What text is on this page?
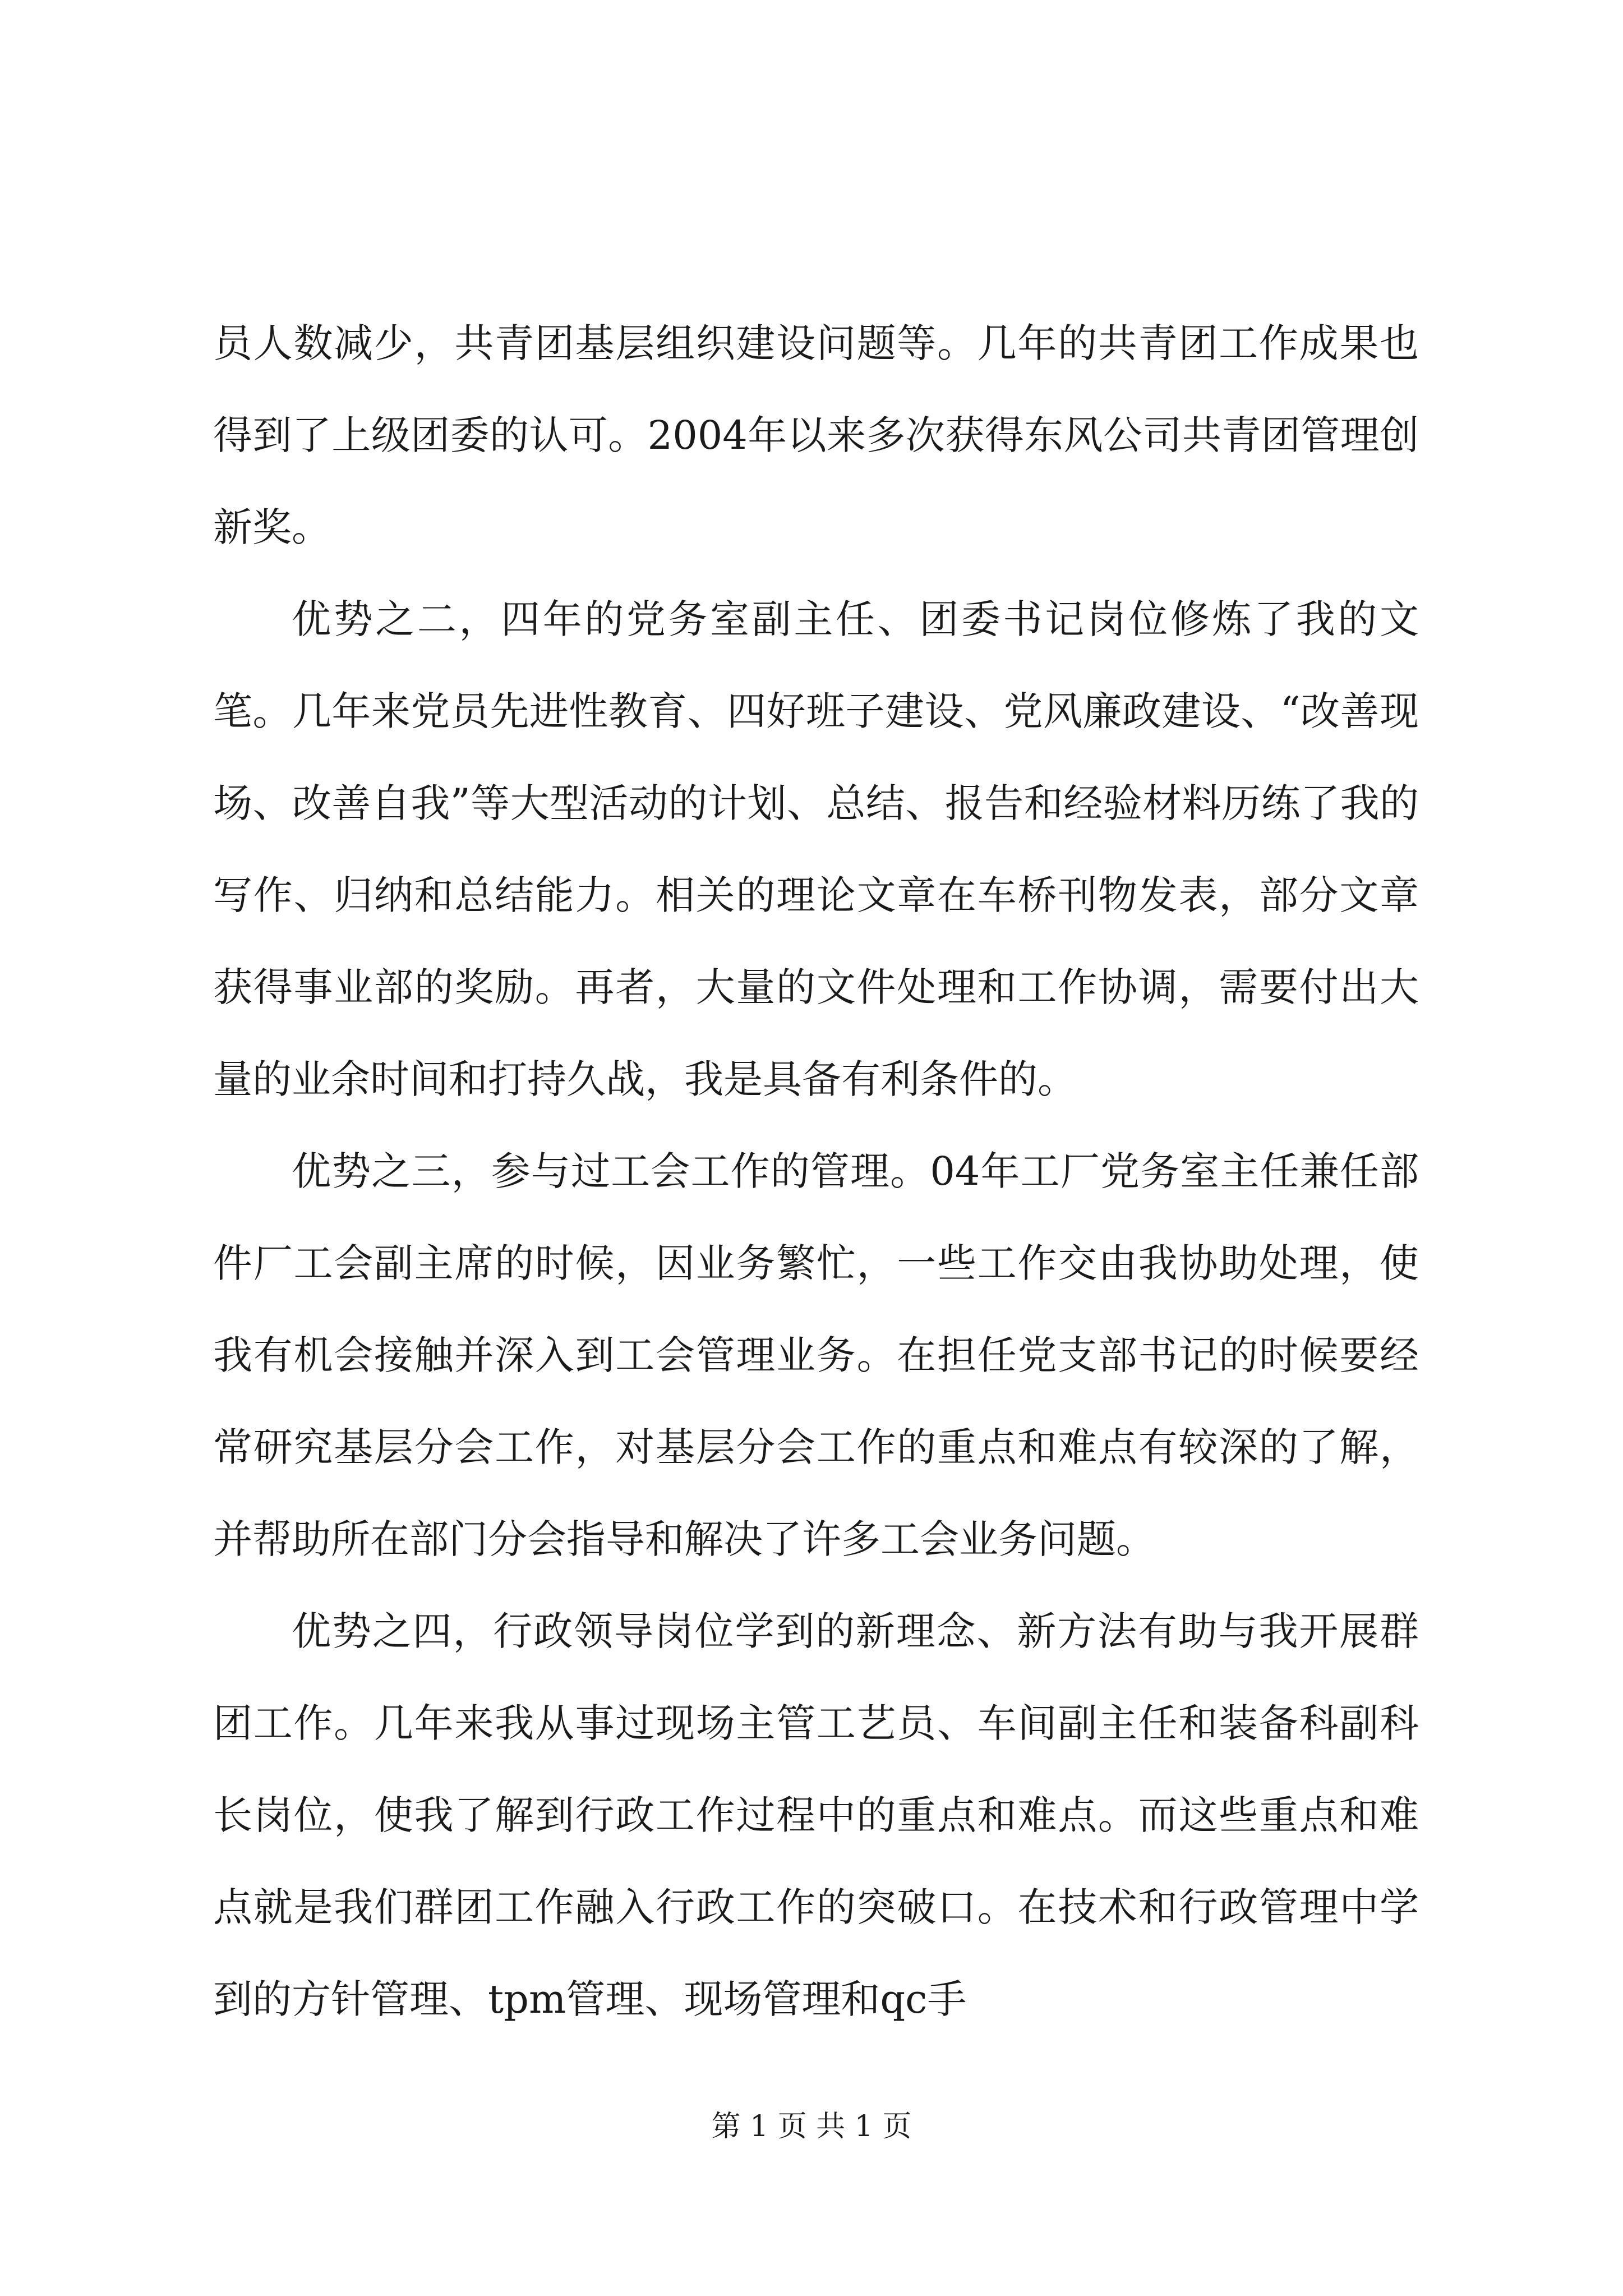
员人数减少，共青团基层组织建设问题等。几年的共青团工作成果也得到了上级团委的认可。2004年以来多次获得东风公司共青团管理创新奖。

优势之二，四年的党务室副主任、团委书记岗位修炼了我的文笔。几年来党员先进性教育、四好班子建设、党风廉政建设、“改善现场、改善自我”等大型活动的计划、总结、报告和经验材料历练了我的写作、归纳和总结能力。相关的理论文章在车桥刊物发表，部分文章获得事业部的奖励。再者，大量的文件处理和工作协调，需要付出大量的业余时间和打持久战，我是具备有利条件的。

优势之三，参与过工会工作的管理。04年工厂党务室主任兼任部件厂工会副主席的时候，因业务繁忙，一些工作交由我协助处理，使我有机会接触并深入到工会管理业务。在担任党支部书记的时候要经常研究基层分会工作，对基层分会工作的重点和难点有较深的了解，并帮助所在部门分会指导和解决了许多工会业务问题。

优势之四，行政领导岗位学到的新理念、新方法有助与我开展群团工作。几年来我从事过现场主管工艺员、车间副主任和装备科副科长岗位，使我了解到行政工作过程中的重点和难点。而这些重点和难点就是我们群团工作融入行政工作的突破口。在技术和行政管理中学到的方针管理、tpm管理、现场管理和qc手

第 1 页 共 1 页
